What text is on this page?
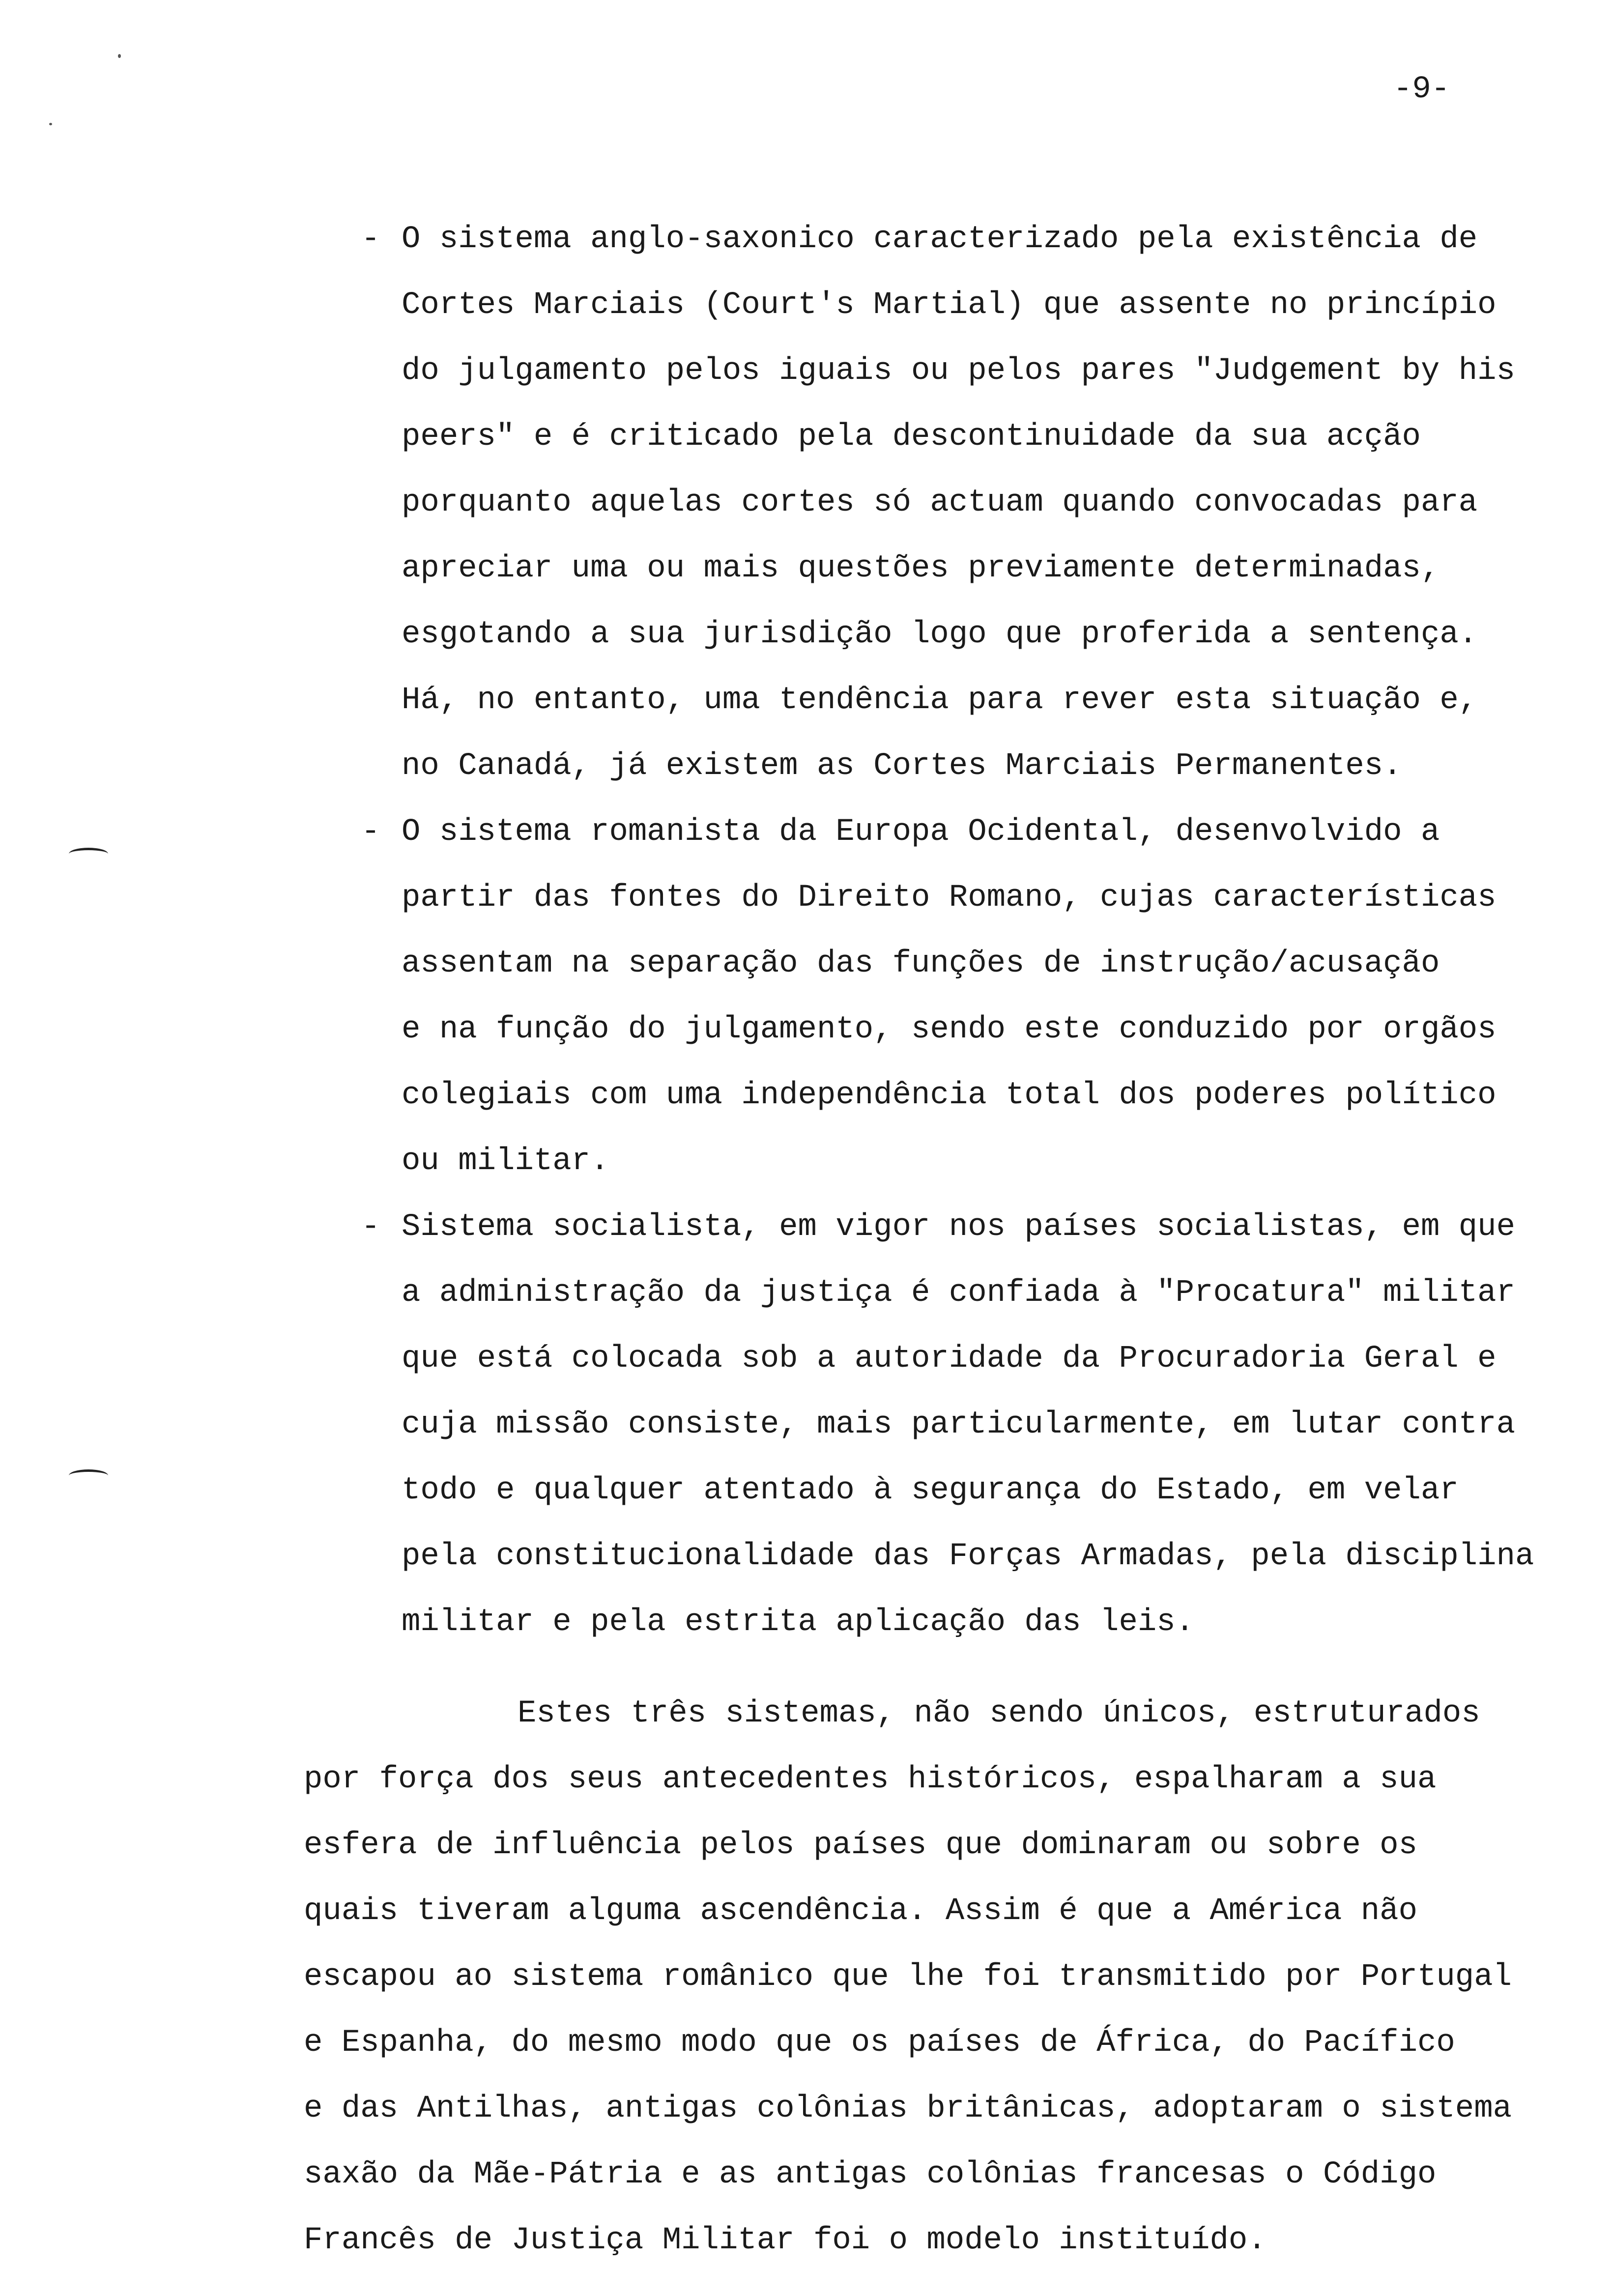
-9-
- O sistema anglo-saxonico caracterizado pela existência de
Cortes Marciais (Court's Martial) que assente no princípio
do julgamento pelos iguais ou pelos pares "Judgement by his
peers" e é criticado pela descontinuidade da sua acção
porquanto aquelas cortes só actuam quando convocadas para
apreciar uma ou mais questões previamente determinadas,
esgotando a sua jurisdição logo que proferida a sentença.
Há, no entanto, uma tendência para rever esta situação e,
no Canadá, já existem as Cortes Marciais Permanentes.
- O sistema romanista da Europa Ocidental, desenvolvido a
partir das fontes do Direito Romano, cujas características
assentam na separação das funções de instrução/acusação
e na função do julgamento, sendo este conduzido por orgãos
colegiais com uma independência total dos poderes político
ou militar.
- Sistema socialista, em vigor nos países socialistas, em que
a administração da justiça é confiada à "Procatura" militar
que está colocada sob a autoridade da Procuradoria Geral e
cuja missão consiste, mais particularmente, em lutar contra
todo e qualquer atentado à segurança do Estado, em velar
pela constitucionalidade das Forças Armadas, pela disciplina
militar e pela estrita aplicação das leis.
Estes três sistemas, não sendo únicos, estruturados
por força dos seus antecedentes históricos, espalharam a sua
esfera de influência pelos países que dominaram ou sobre os
quais tiveram alguma ascendência. Assim é que a América não
escapou ao sistema românico que lhe foi transmitido por Portugal
e Espanha, do mesmo modo que os países de África, do Pacífico
e das Antilhas, antigas colônias britânicas, adoptaram o sistema
saxão da Mãe-Pátria e as antigas colônias francesas o Código
Francês de Justiça Militar foi o modelo instituído.
